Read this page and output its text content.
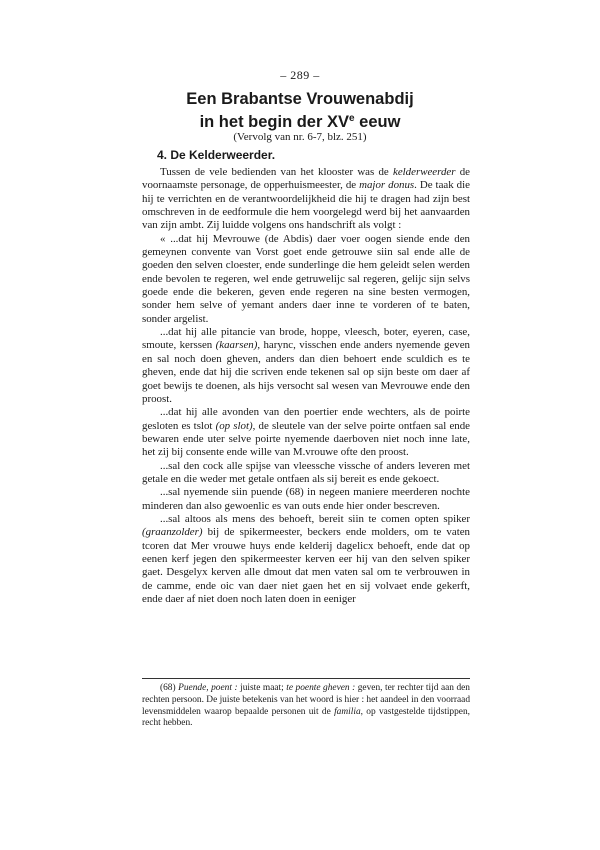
– 289 –
Een Brabantse Vrouwenabdij
in het begin der XVe eeuw
(Vervolg van nr. 6-7, blz. 251)
4. De Kelderweerder.

Tussen de vele bedienden van het klooster was de kelderweerder de voornaamste personage, de opperhuismeester, de major donus. De taak die hij te verrichten en de verantwoordelijkheid die hij te dragen had zijn best omschreven in de eedformule die hem voorgelegd werd bij het aanvaarden van zijn ambt. Zij luidde volgens ons handschrift als volgt :

« ...dat hij Mevrouwe (de Abdis) daer voer oogen siende ende den gemeynen convente van Vorst goet ende getrouwe siin sal ende alle de goeden den selven cloester, ende sunderlinge die hem geleidt selen werden ende bevolen te regeren, wel ende getruwelijc sal regeren, gelijc sijn selvs goede ende die bekeren, geven ende regeren na sine besten vermogen, sonder hem selve of yemant anders daer inne te vorderen of te baten, sonder argelist.

...dat hij alle pitancie van brode, hoppe, vleesch, boter, eyeren, case, smoute, kerssen (kaarsen), harync, visschen ende anders nyemende geven en sal noch doen gheven, anders dan dien behoert ende sculdich es te gheven, ende dat hij die scriven ende tekenen sal op sijn beste om daer af goet bewijs te doenen, als hijs versocht sal wesen van Mevrouwe ende den proost.

...dat hij alle avonden van den poertier ende wechters, als de poirte gesloten es tslot (op slot), de sleutele van der selve poirte ontfaen sal ende bewaren ende uter selve poirte nyemende daerboven niet noch inne late, het zij bij consente ende wille van M.vrouwe ofte den proost.

...sal den cock alle spijse van vleessche vissche of anders leveren met getale en die weder met getale ontfaen als sij bereit es ende gekoect.

...sal nyemende siin puende (68) in negeen maniere meerderen nochte minderen dan also gewoenlic es van outs ende hier onder bescreven.

...sal altoos als mens des behoeft, bereit siin te comen opten spiker (graanzolder) bij de spikermeester, beckers ende molders, om te vaten tcoren dat Mer vrouwe huys ende kelderij dagelicx behoeft, ende dat op eenen kerf jegen den spikermeester kerven eer hij van den selven spiker gaet. Desgelyx kerven alle dmout dat men vaten sal om te verbrouwen in de camme, ende oic van daer niet gaen het en sij volvaet ende gekerft, ende daer af niet doen noch laten doen in eeniger

(68) Puende, poent : juiste maat; te poente gheven : geven, ter rechter tijd aan den rechten persoon. De juiste betekenis van het woord is hier : het aandeel in den voorraad levensmiddelen waarop bepaalde personen uit de familia, op vastgestelde tijdstippen, recht hebben.
